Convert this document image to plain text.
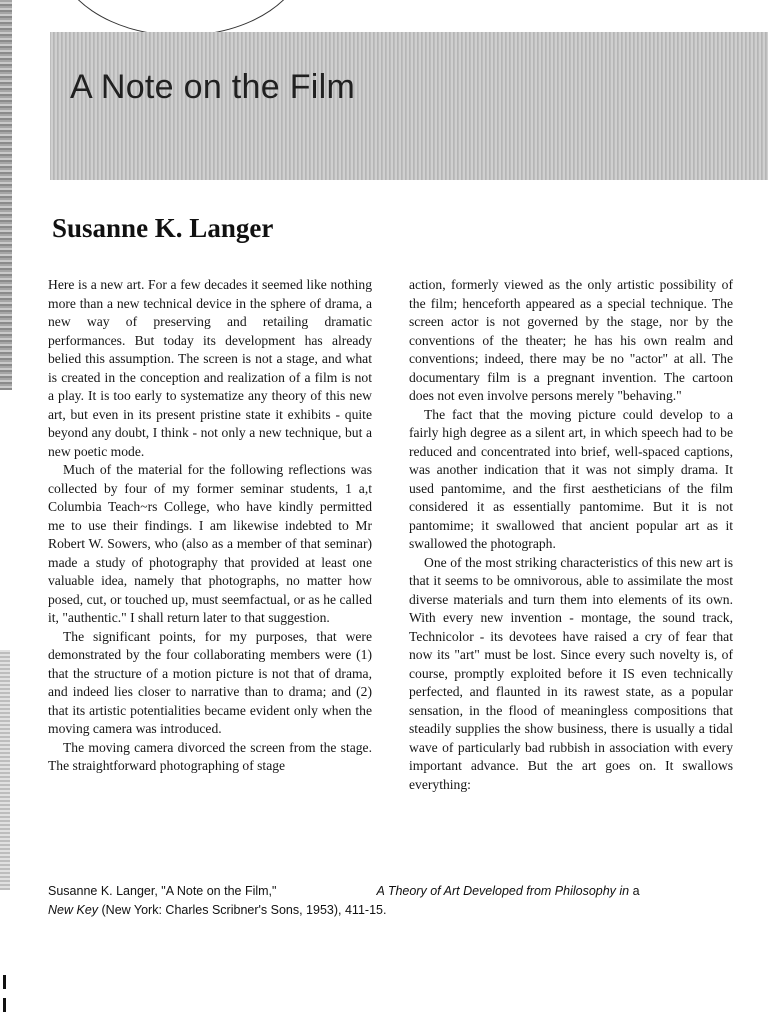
A Note on the Film
Susanne K. Langer

Here is a new art. For a few decades it seemed like nothing more than a new technical device in the sphere of drama, a new way of preserving and retailing dramatic performances. But today its development has already belied this assumption. The screen is not a stage, and what is created in the conception and realization of a film is not a play. It is too early to systematize any theory of this new art, but even in its present pristine state it exhibits - quite beyond any doubt, I think - not only a new technique, but a new poetic mode.

Much of the material for the following reflections was collected by four of my former seminar students, 1 a,t Columbia Teach~rs College, who have kindly permitted me to use their findings. I am likewise indebted to Mr Robert W. Sowers, who (also as a member of that seminar) made a study of photography that provided at least one valuable idea, namely that photographs, no matter how posed, cut, or touched up, must seemfactual, or as he called it, "authentic." I shall return later to that suggestion.

The significant points, for my purposes, that were demonstrated by the four collaborating members were (1) that the structure of a motion picture is not that of drama, and indeed lies closer to narrative than to drama; and (2) that its artistic potentialities became evident only when the moving camera was introduced.

The moving camera divorced the screen from the stage. The straightforward photographing of stage

action, formerly viewed as the only artistic possibility of the film; henceforth appeared as a special technique. The screen actor is not governed by the stage, nor by the conventions of the theater; he has his own realm and conventions; indeed, there may be no "actor" at all. The documentary film is a pregnant invention. The cartoon does not even involve persons merely "behaving."

The fact that the moving picture could develop to a fairly high degree as a silent art, in which speech had to be reduced and concentrated into brief, well-spaced captions, was another indication that it was not simply drama. It used pantomime, and the first aestheticians of the film considered it as essentially pantomime. But it is not pantomime; it swallowed that ancient popular art as it swallowed the photograph.

One of the most striking characteristics of this new art is that it seems to be omnivorous, able to assimilate the most diverse materials and turn them into elements of its own. With every new invention - montage, the sound track, Technicolor - its devotees have raised a cry of fear that now its "art" must be lost. Since every such novelty is, of course, promptly exploited before it IS even technically perfected, and flaunted in its rawest state, as a popular sensation, in the flood of meaningless compositions that steadily supplies the show business, there is usually a tidal wave of particularly bad rubbish in association with every important advance. But the art goes on. It swallows everything:

Susanne K. Langer, "A Note on the Film,"	A Theory of Art Developed from Philosophy in a
New Key (New York: Charles Scribner's Sons, 1953), 411-15.
